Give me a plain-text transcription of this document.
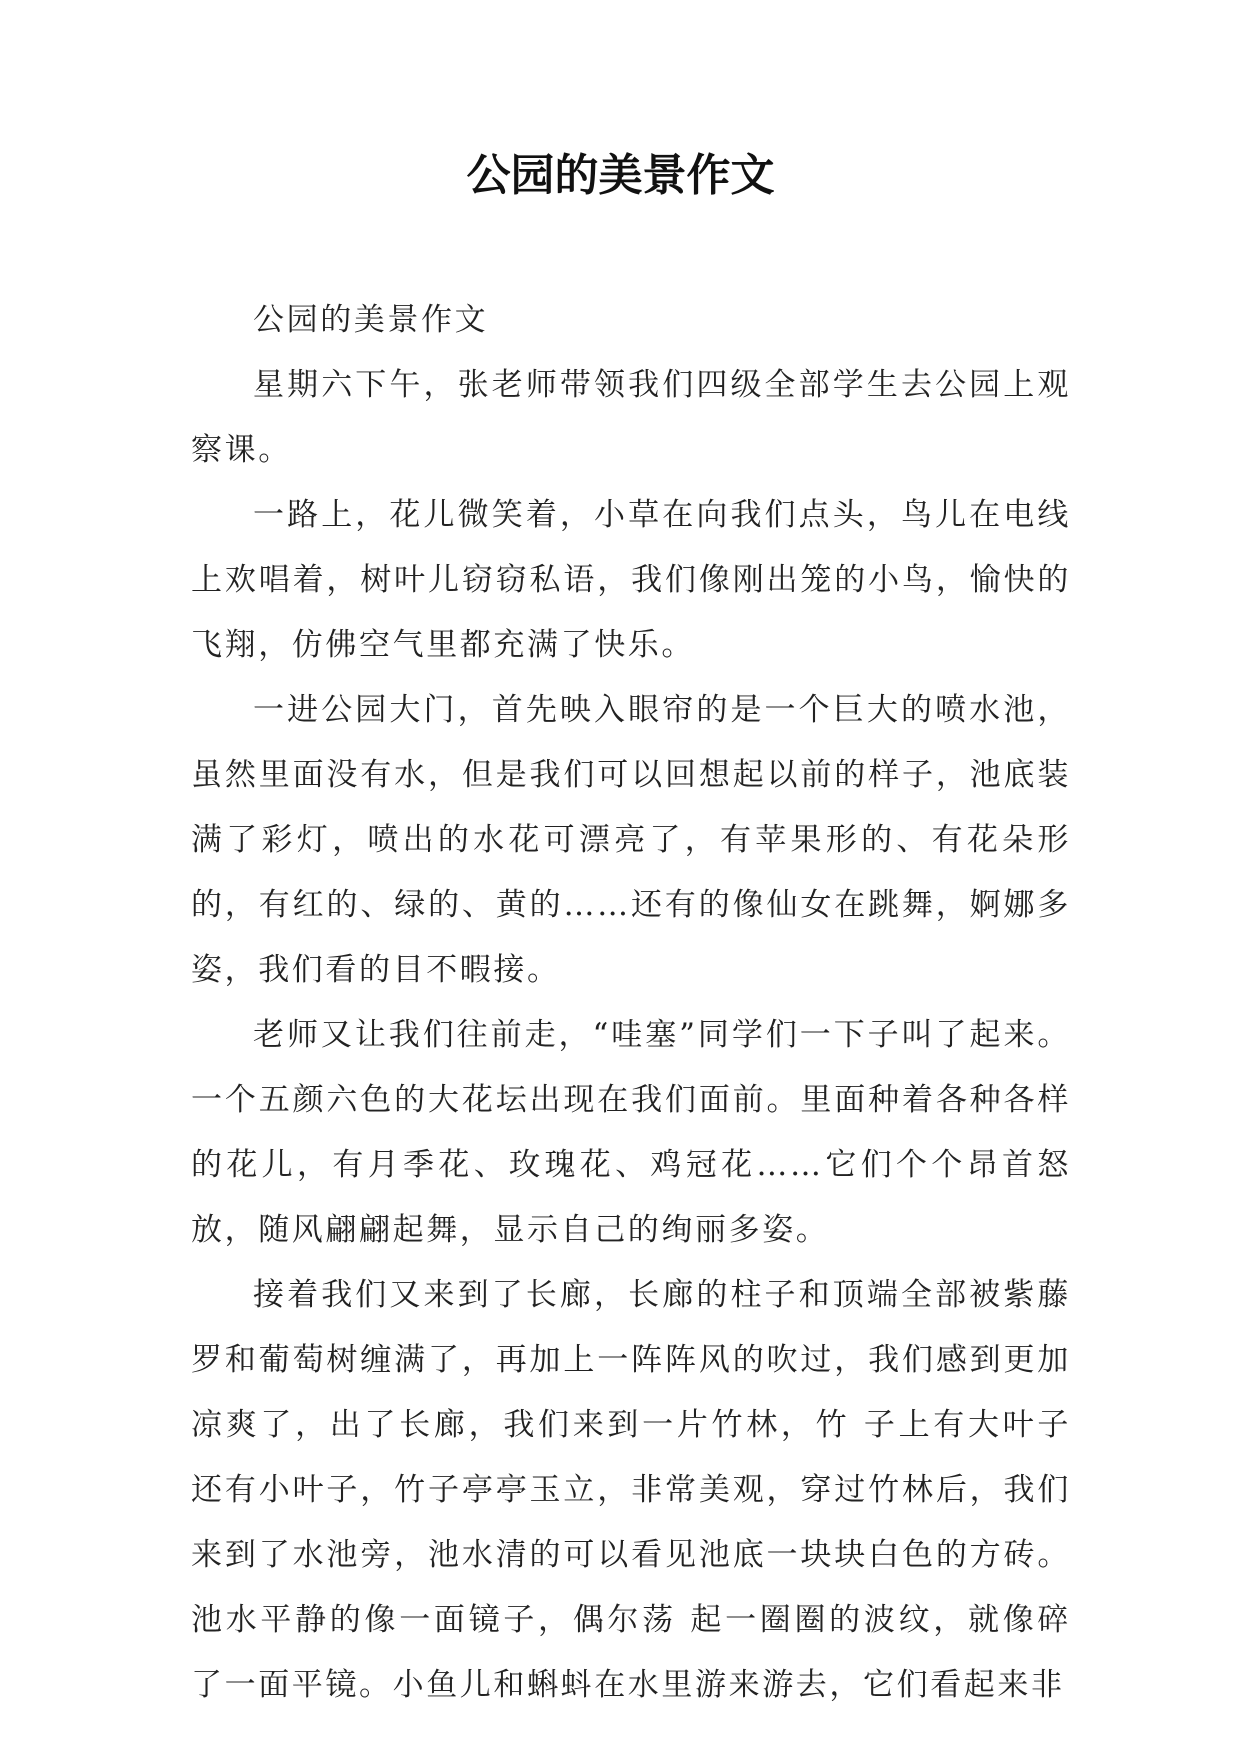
公园的美景作文

公园的美景作文

星期六下午，张老师带领我们四级全部学生去公园上观察课。

一路上，花儿微笑着，小草在向我们点头，鸟儿在电线上欢唱着，树叶儿窃窃私语，我们像刚出笼的小鸟，愉快的飞翔，仿佛空气里都充满了快乐。

一进公园大门，首先映入眼帘的是一个巨大的喷水池，虽然里面没有水，但是我们可以回想起以前的样子，池底装满了彩灯，喷出的水花可漂亮了，有苹果形的、有花朵形的，有红的、绿的、黄的……还有的像仙女在跳舞，婀娜多姿，我们看的目不暇接。

老师又让我们往前走，“哇塞”同学们一下子叫了起来。一个五颜六色的大花坛出现在我们面前。里面种着各种各样的花儿，有月季花、玫瑰花、鸡冠花……它们个个昂首怒放，随风翩翩起舞，显示自己的绚丽多姿。

接着我们又来到了长廊，长廊的柱子和顶端全部被紫藤罗和葡萄树缠满了，再加上一阵阵风的吹过，我们感到更加凉爽了，出了长廊，我们来到一片竹林，竹 子上有大叶子还有小叶子，竹子亭亭玉立，非常美观，穿过竹林后，我们来到了水池旁，池水清的可以看见池底一块块白色的方砖。池水平静的像一面镜子，偶尔荡 起一圈圈的波纹，就像碎了一面平镜。小鱼儿和蝌蚪在水里游来游去，它们看起来非
